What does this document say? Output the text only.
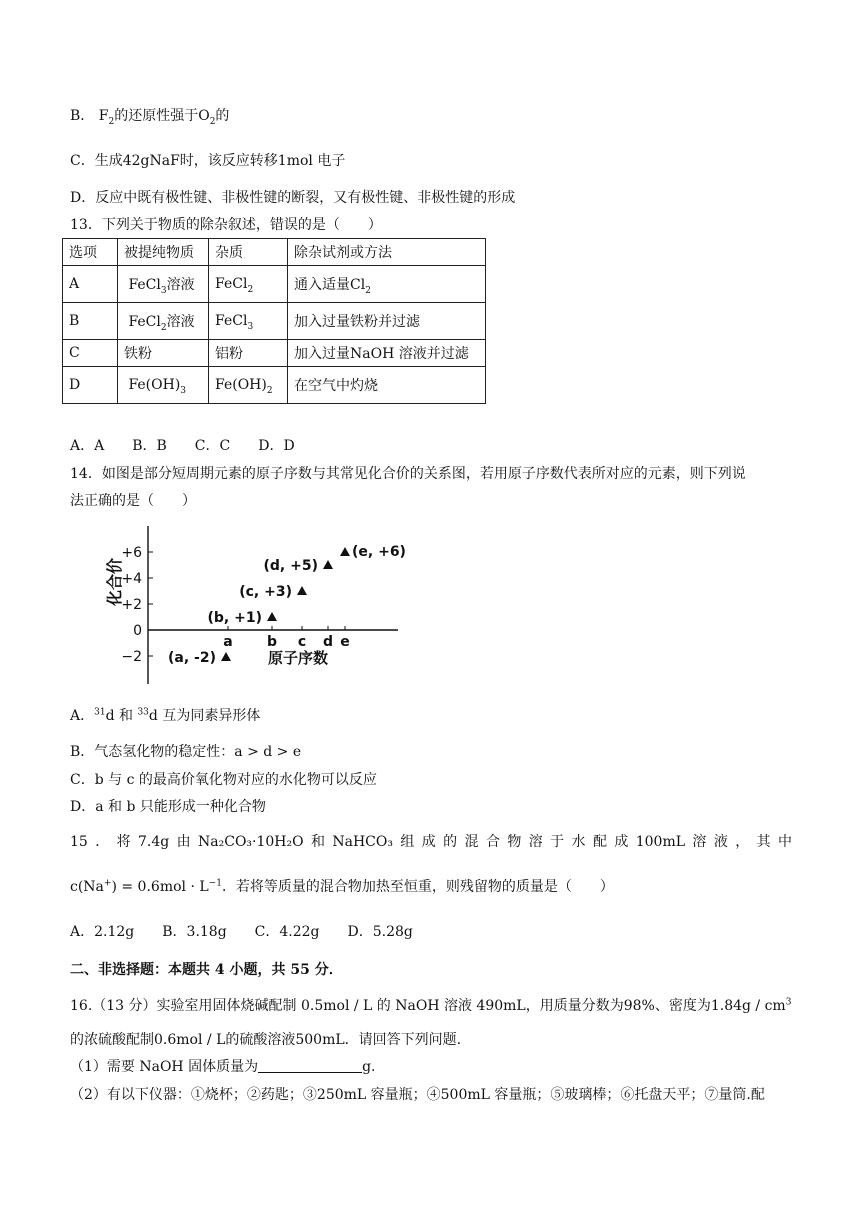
B． $F_2$的还原性强于$O_2$的
C．生成42gNaF时，该反应转移1mol 电子
D．反应中既有极性键、非极性键的断裂，又有极性键、非极性键的形成
13．下列关于物质的除杂叙述，错误的是（　　）
选项	被提纯物质	杂质	除杂试剂或方法
A	FeCl$_3$溶液	FeCl$_2$	通入适量$Cl_2$
B	FeCl$_2$溶液	FeCl$_3$	加入过量铁粉并过滤
C	铁粉	铝粉	加入过量NaOH 溶液并过滤
D	$Fe(OH)_3$	$Fe(OH)_2$	在空气中灼烧
A．A　　B．B　　C．C　　D．D
14．如图是部分短周期元素的原子序数与其常见化合价的关系图，若用原子序数代表所对应的元素，则下列说
法正确的是（　　）
+6
+4
+2
0
−2
化合价
a b c d e
原子序数
(a, -2)
(b, +1)
(c, +3)
(d, +5)
(e, +6)
A．$^{31}$d 和 $^{33}$d 互为同素异形体
B．气态氢化物的稳定性：a > d > e
C．b 与 c 的最高价氧化物对应的水化物可以反应
D．a 和 b 只能形成一种化合物
15．将7.4g由Na₂CO₃·10H₂O和NaHCO₃组成的混合物溶于水配成100mL溶液，其中
$c(Na^+) = 0.6mol \cdot L^{-1}$．若将等质量的混合物加热至恒重，则残留物的质量是（　　）
A．2.12g　　B．3.18g　　C．4.22g　　D．5.28g
二、非选择题：本题共 4 小题，共 55 分．
16.（13 分）实验室用固体烧碱配制 0.5mol / L 的 NaOH 溶液 490mL，用质量分数为98%、密度为$1.84g / cm^3$
的浓硫酸配制0.6mol / L的硫酸溶液500mL．请回答下列问题.
（1）需要 NaOH 固体质量为	g.
（2）有以下仪器：①烧杯；②药匙；③250mL 容量瓶；④500mL 容量瓶；⑤玻璃棒；⑥托盘天平；⑦量筒.配
